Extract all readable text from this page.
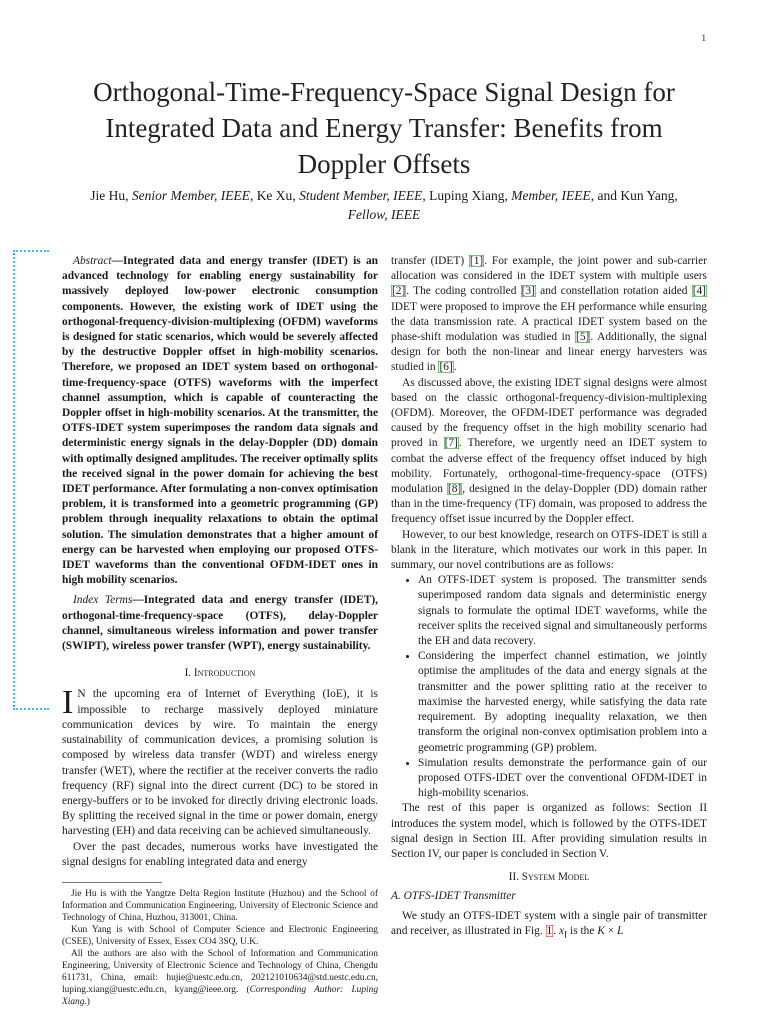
1
Orthogonal-Time-Frequency-Space Signal Design for Integrated Data and Energy Transfer: Benefits from Doppler Offsets
Jie Hu, Senior Member, IEEE, Ke Xu, Student Member, IEEE, Luping Xiang, Member, IEEE, and Kun Yang,
Fellow, IEEE

Abstract—Integrated data and energy transfer (IDET) is an advanced technology for enabling energy sustainability for massively deployed low-power electronic consumption components. However, the existing work of IDET using the orthogonal-frequency-division-multiplexing (OFDM) waveforms is designed for static scenarios, which would be severely affected by the destructive Doppler offset in high-mobility scenarios. Therefore, we proposed an IDET system based on orthogonal-time-frequency-space (OTFS) waveforms with the imperfect channel assumption, which is capable of counteracting the Doppler offset in high-mobility scenarios. At the transmitter, the OTFS-IDET system superimposes the random data signals and deterministic energy signals in the delay-Doppler (DD) domain with optimally designed amplitudes. The receiver optimally splits the received signal in the power domain for achieving the best IDET performance. After formulating a non-convex optimisation problem, it is transformed into a geometric programming (GP) problem through inequality relaxations to obtain the optimal solution. The simulation demonstrates that a higher amount of energy can be harvested when employing our proposed OTFS-IDET waveforms than the conventional OFDM-IDET ones in high mobility scenarios.

Index Terms—Integrated data and energy transfer (IDET), orthogonal-time-frequency-space (OTFS), delay-Doppler channel, simultaneous wireless information and power transfer (SWIPT), wireless power transfer (WPT), energy sustainability.

I. Introduction

I N the upcoming era of Internet of Everything (IoE), it is impossible to recharge massively deployed miniature communication devices by wire. To maintain the energy sustainability of communication devices, a promising solution is composed by wireless data transfer (WDT) and wireless energy transfer (WET), where the rectifier at the receiver converts the radio frequency (RF) signal into the direct current (DC) to be stored in energy-buffers or to be invoked for directly driving electronic loads. By splitting the received signal in the time or power domain, energy harvesting (EH) and data receiving can be achieved simultaneously.

Over the past decades, numerous works have investigated the signal designs for enabling integrated data and energy

Jie Hu is with the Yangtze Delta Region Institute (Huzhou) and the School of Information and Communication Engineering, University of Electronic Science and Technology of China, Huzhou, 313001, China.

Kun Yang is with School of Computer Science and Electronic Engineering (CSEE), University of Essex, Essex CO4 3SQ, U.K.

All the authors are also with the School of Information and Communication Engineering, University of Electronic Science and Technology of China, Chengdu 611731, China, email: hujie@uestc.edu.cn, 202121010634@std.uestc.edu.cn, luping.xiang@uestc.edu.cn, kyang@ieee.org. (Corresponding Author: Luping Xiang.)

transfer (IDET) [1]. For example, the joint power and sub-carrier allocation was considered in the IDET system with multiple users [2]. The coding controlled [3] and constellation rotation aided [4] IDET were proposed to improve the EH performance while ensuring the data transmission rate. A practical IDET system based on the phase-shift modulation was studied in [5]. Additionally, the signal design for both the non-linear and linear energy harvesters was studied in [6].

As discussed above, the existing IDET signal designs were almost based on the classic orthogonal-frequency-division-multiplexing (OFDM). Moreover, the OFDM-IDET performance was degraded caused by the frequency offset in the high mobility scenario had proved in [7]. Therefore, we urgently need an IDET system to combat the adverse effect of the frequency offset induced by high mobility. Fortunately, orthogonal-time-frequency-space (OTFS) modulation [8], designed in the delay-Doppler (DD) domain rather than in the time-frequency (TF) domain, was proposed to address the frequency offset issue incurred by the Doppler effect.

However, to our best knowledge, research on OTFS-IDET is still a blank in the literature, which motivates our work in this paper. In summary, our novel contributions are as follows:

• An OTFS-IDET system is proposed. The transmitter sends superimposed random data signals and deterministic energy signals to formulate the optimal IDET waveforms, while the receiver splits the received signal and simultaneously performs the EH and data recovery.
• Considering the imperfect channel estimation, we jointly optimise the amplitudes of the data and energy signals at the transmitter and the power splitting ratio at the receiver to maximise the harvested energy, while satisfying the data rate requirement. By adopting inequality relaxation, we then transform the original non-convex optimisation problem into a geometric programming (GP) problem.
• Simulation results demonstrate the performance gain of our proposed OTFS-IDET over the conventional OFDM-IDET in high-mobility scenarios.

The rest of this paper is organized as follows: Section II introduces the system model, which is followed by the OTFS-IDET signal design in Section III. After providing simulation results in Section IV, our paper is concluded in Section V.

II. System Model
A. OTFS-IDET Transmitter

We study an OTFS-IDET system with a single pair of transmitter and receiver, as illustrated in Fig. 1. $x_I$ is the K × L
